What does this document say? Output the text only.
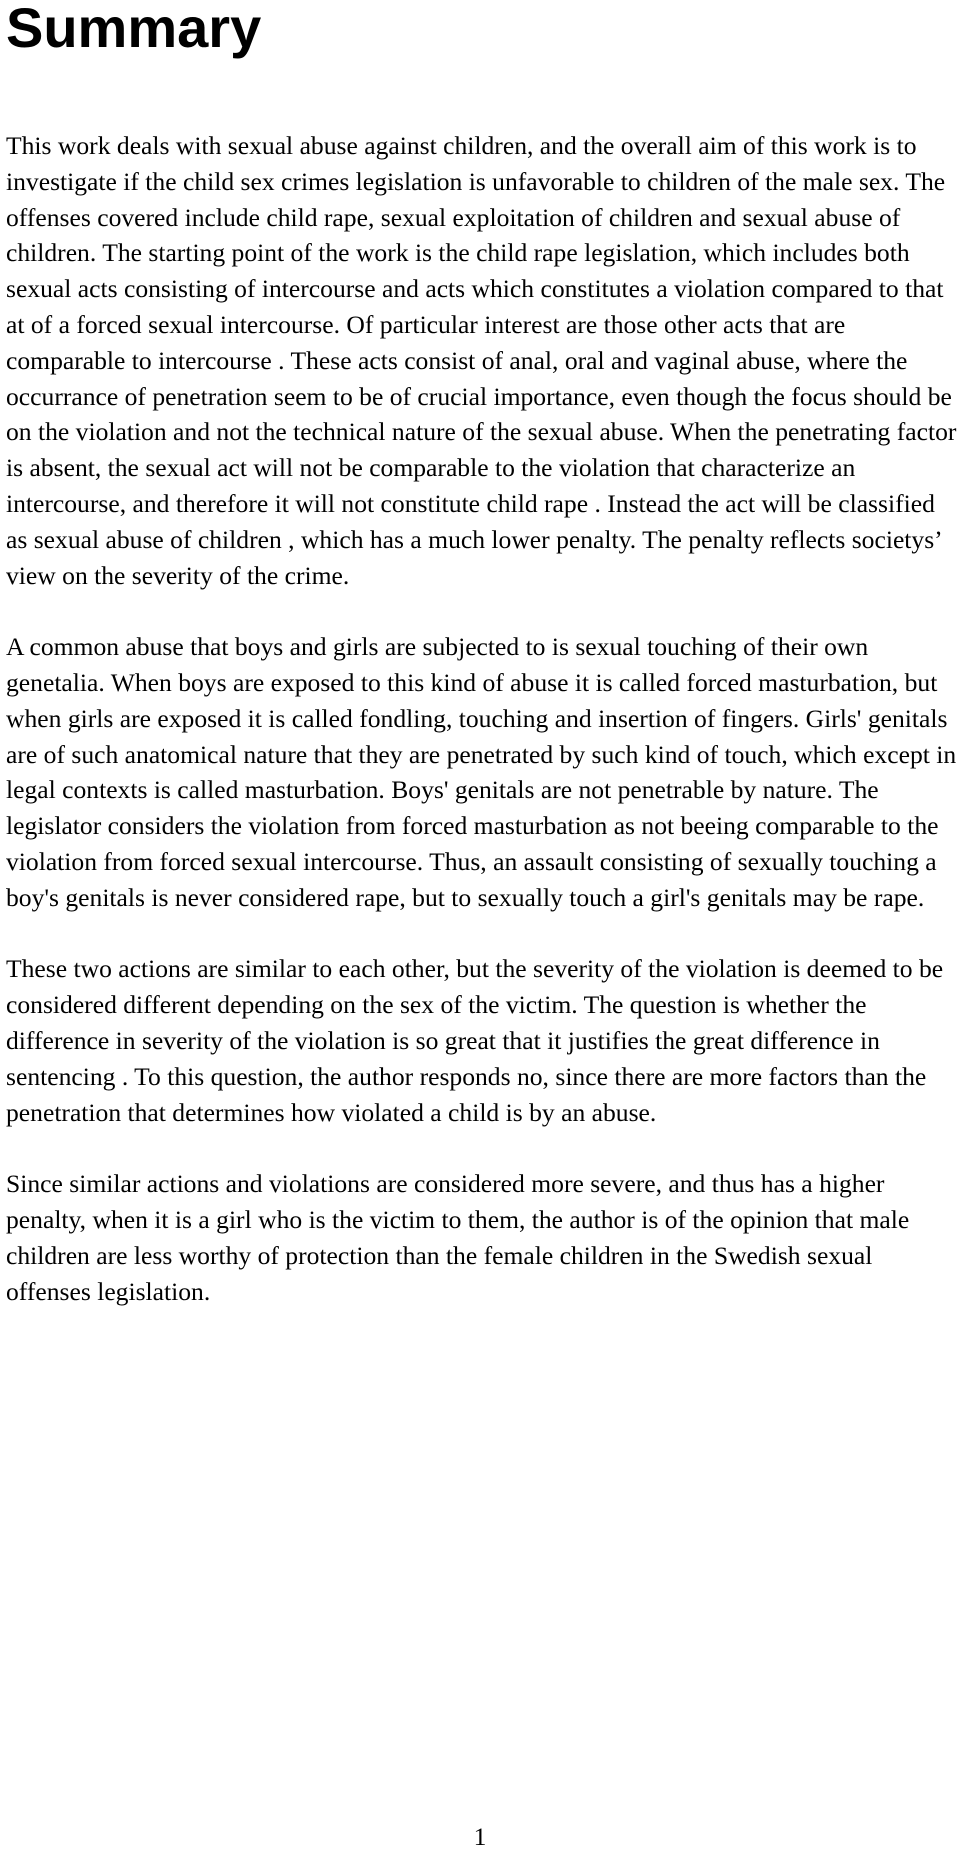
Summary

This work deals with sexual abuse against children, and the overall aim of this work is to investigate if the child sex crimes legislation is unfavorable to children of the male sex. The offenses covered include child rape, sexual exploitation of children and sexual abuse of children. The starting point of the work is the child rape legislation, which includes both sexual acts consisting of intercourse and acts which constitutes a violation compared to that at of a forced sexual intercourse. Of particular interest are those other acts that are comparable to intercourse . These acts consist of anal, oral and vaginal abuse, where the occurrance of penetration seem to be of crucial importance, even though the focus should be on the violation and not the technical nature of the sexual abuse. When the penetrating factor is absent, the sexual act will not be comparable to the violation that characterize an intercourse, and therefore it will not constitute child rape . Instead the act will be classified as sexual abuse of children , which has a much lower penalty. The penalty reflects societys’ view on the severity of the crime.

A common abuse that boys and girls are subjected to is sexual touching of their own genetalia. When boys are exposed to this kind of abuse it is called forced masturbation, but when girls are exposed it is called fondling, touching and insertion of fingers. Girls' genitals are of such anatomical nature that they are penetrated by such kind of touch, which except in legal contexts is called masturbation. Boys' genitals are not penetrable by nature. The legislator considers the violation from forced masturbation as not beeing comparable to the violation from forced sexual intercourse. Thus, an assault consisting of sexually touching a boy's genitals is never considered rape, but to sexually touch a girl's genitals may be rape.

These two actions are similar to each other, but the severity of the violation is deemed to be considered different depending on the sex of the victim. The question is whether the difference in severity of the violation is so great that it justifies the great difference in sentencing . To this question, the author responds no, since there are more factors than the penetration that determines how violated a child is by an abuse.

Since similar actions and violations are considered more severe, and thus has a higher penalty, when it is a girl who is the victim to them, the author is of the opinion that male children are less worthy of protection than the female children in the Swedish sexual offenses legislation.

1
